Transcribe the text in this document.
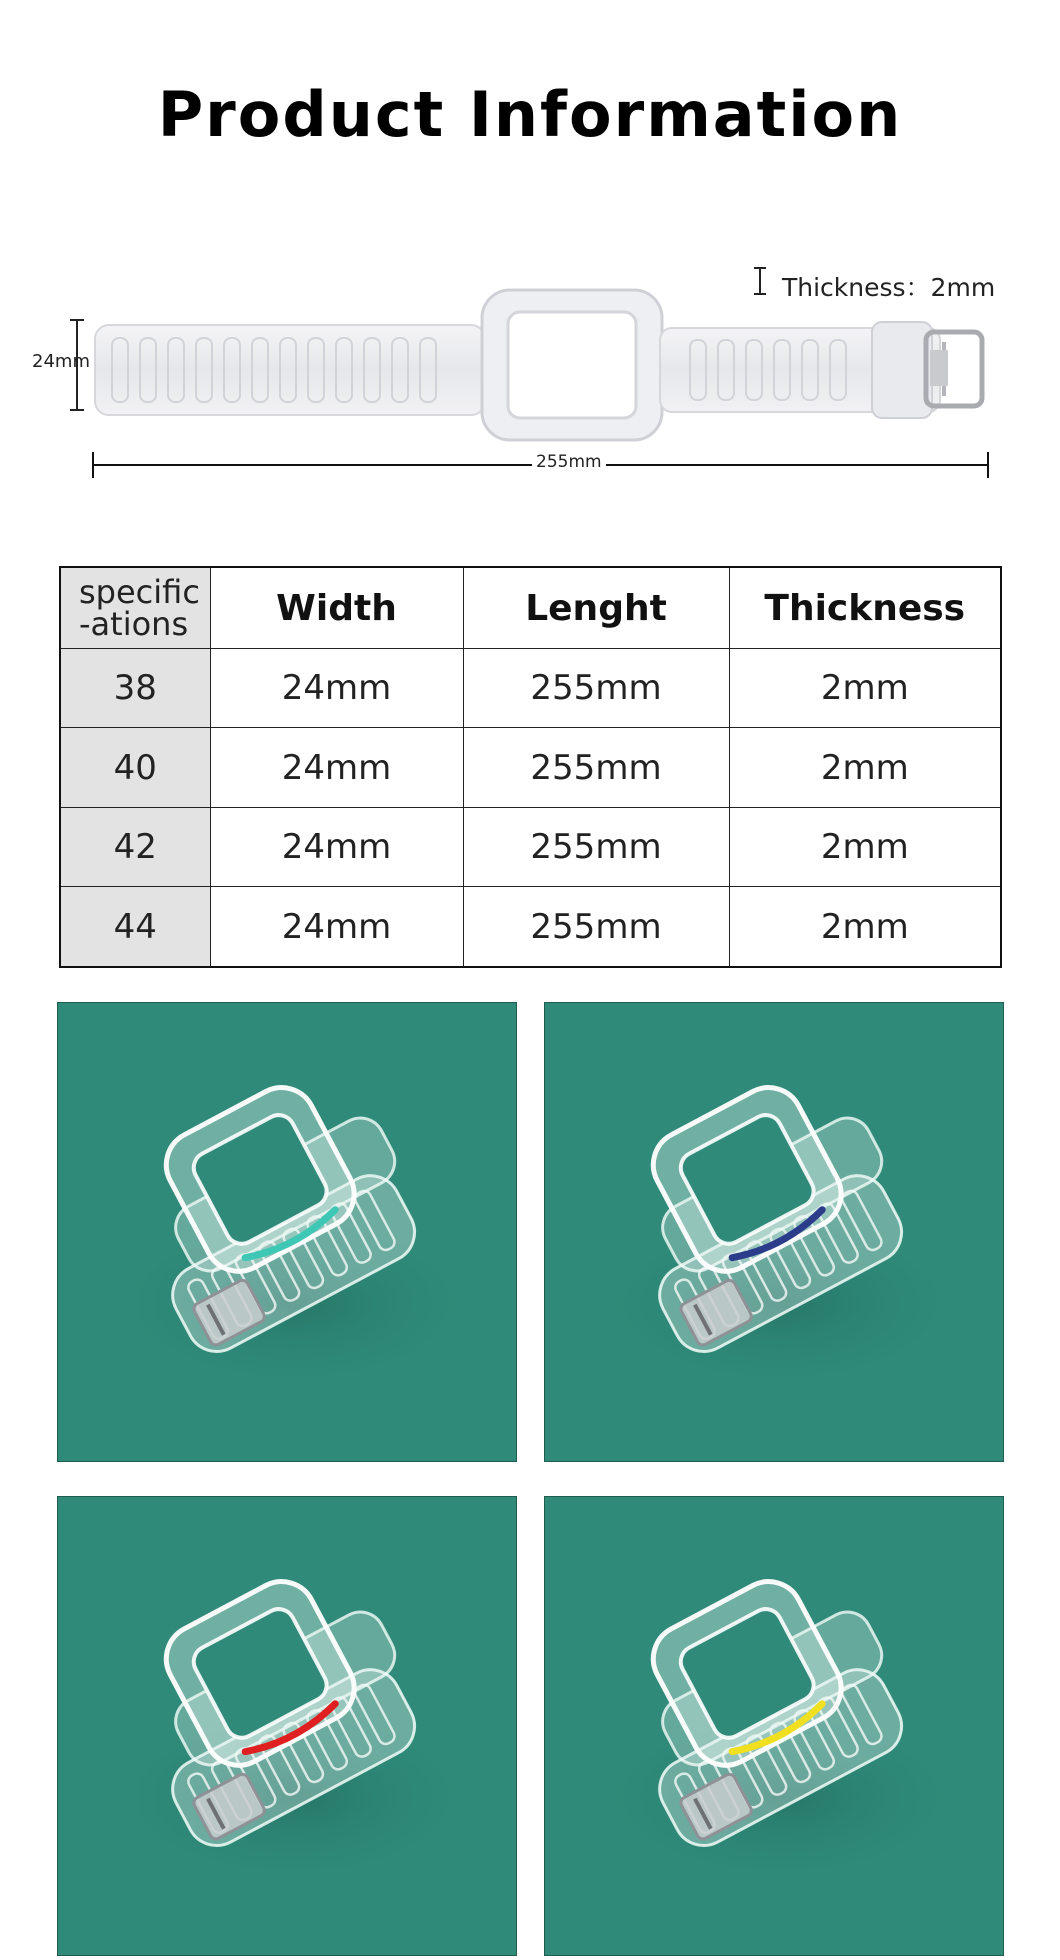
Product Information
Thickness：2mm
24mm
255mm
specific
-ations	Width	Lenght	Thickness
38	24mm	255mm	2mm
40	24mm	255mm	2mm
42	24mm	255mm	2mm
44	24mm	255mm	2mm
